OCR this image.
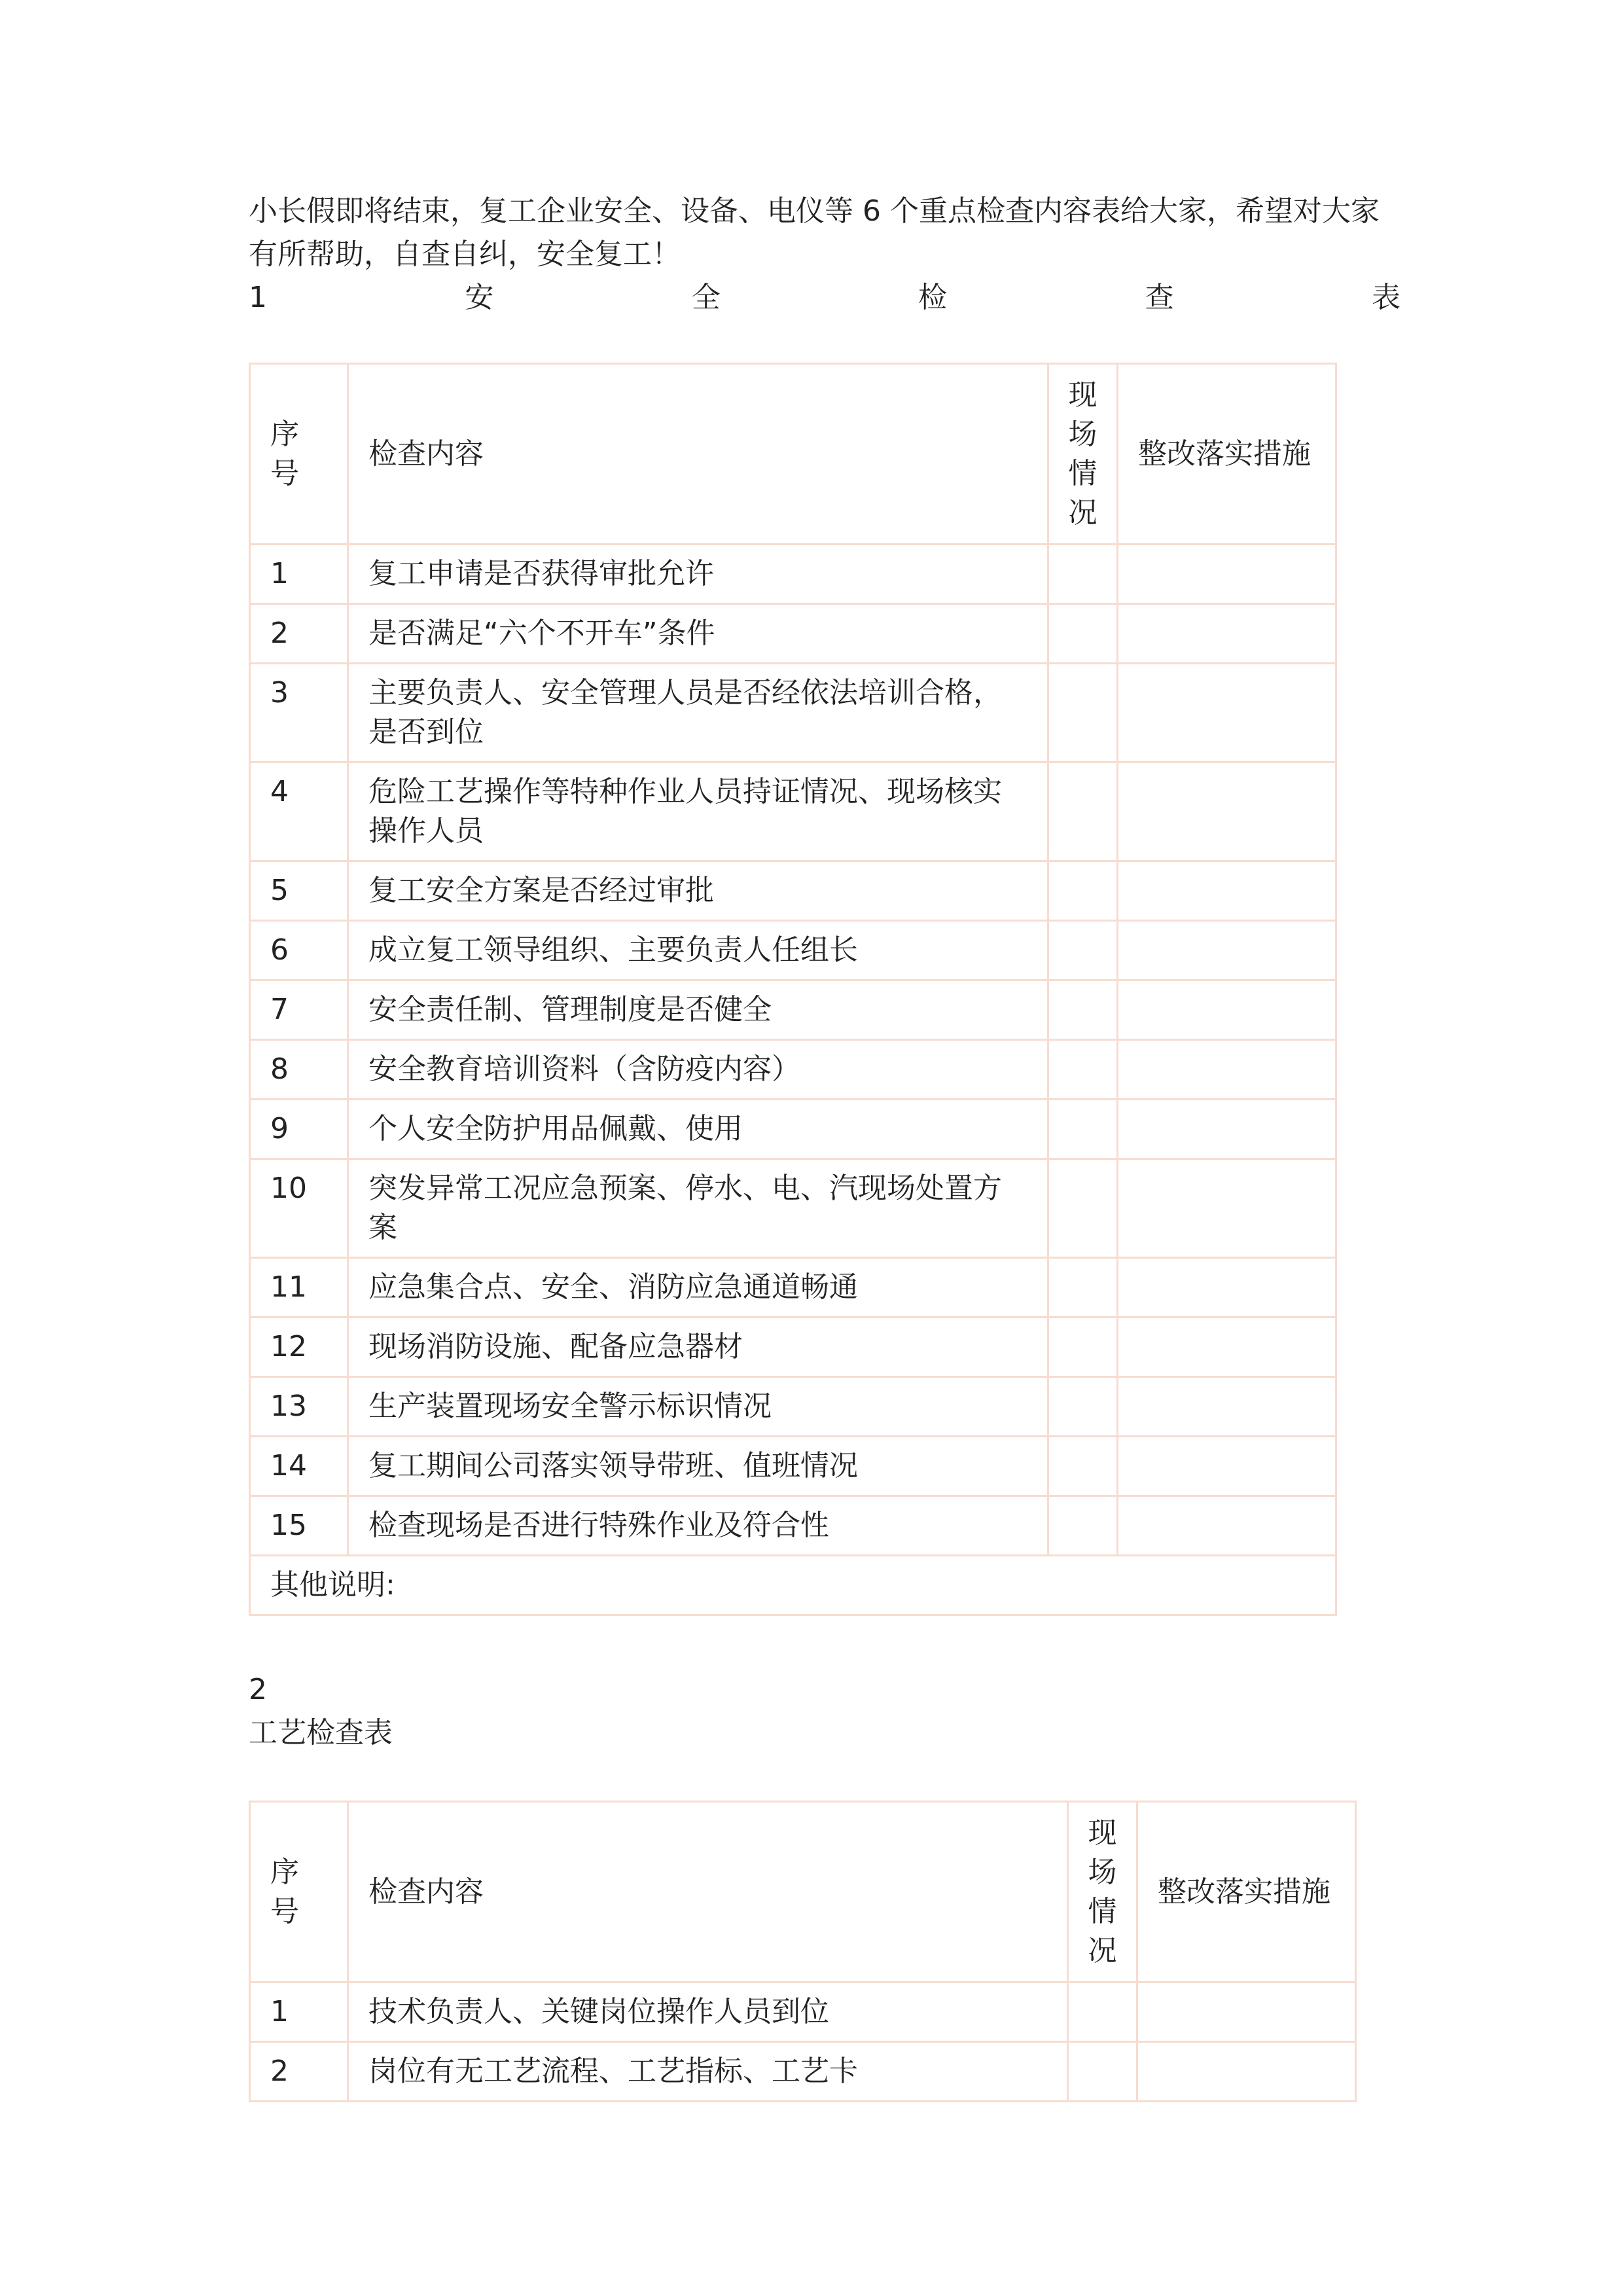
小长假即将结束，复工企业安全、设备、电仪等 6 个重点检查内容表给大家，希望对大家有所帮助，自查自纠，安全复工！

1	安	全	检	查	表
序号	检查内容	现场情况	整改落实措施
1	复工申请是否获得审批允许		
2	是否满足“六个不开车”条件		
3	主要负责人、安全管理人员是否经依法培训合格，是否到位		
4	危险工艺操作等特种作业人员持证情况、现场核实操作人员		
5	复工安全方案是否经过审批		
6	成立复工领导组织、主要负责人任组长		
7	安全责任制、管理制度是否健全		
8	安全教育培训资料（含防疫内容）		
9	个人安全防护用品佩戴、使用		
10	突发异常工况应急预案、停水、电、汽现场处置方案		
11	应急集合点、安全、消防应急通道畅通		
12	现场消防设施、配备应急器材		
13	生产装置现场安全警示标识情况		
14	复工期间公司落实领导带班、值班情况		
15	检查现场是否进行特殊作业及符合性		
其他说明:			

2

工艺检查表

序号	检查内容	现场情况	整改落实措施
1	技术负责人、关键岗位操作人员到位		
2	岗位有无工艺流程、工艺指标、工艺卡		
